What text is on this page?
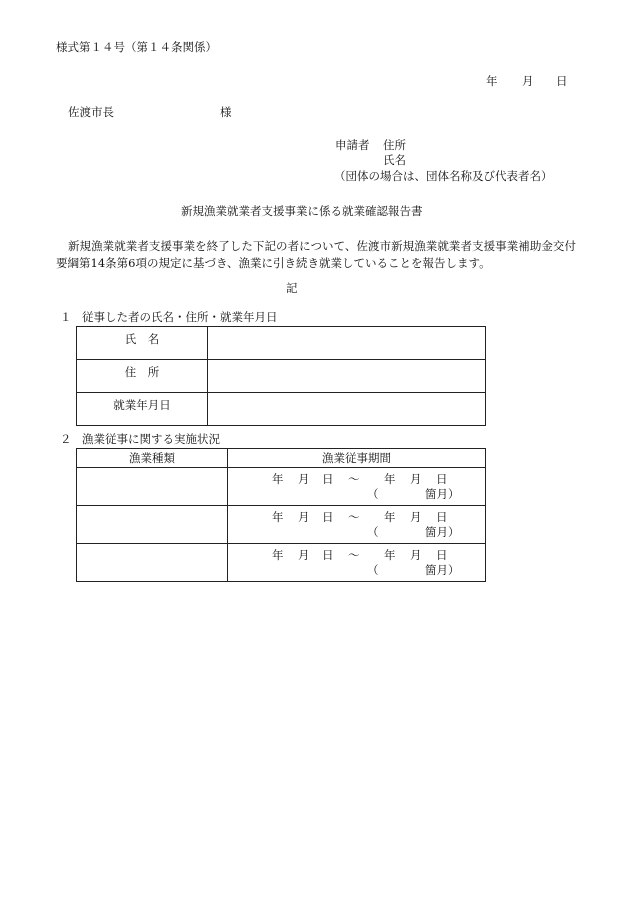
様式第１４号（第１４条関係）
年 月 日
佐渡市長	様
申請者 住所
氏名
（団体の場合は、団体名称及び代表者名）
新規漁業就業者支援事業に係る就業確認報告書
新規漁業就業者支援事業を終了した下記の者について、佐渡市新規漁業就業者支援事業補助金交付要綱第14条第6項の規定に基づき、漁業に引き続き就業していることを報告します。
記
１ 従事した者の氏名・住所・就業年月日
氏　名	
住　所	
就業年月日	
２ 漁業従事に関する実施状況
漁業種類	漁業従事期間

	年 月 日 ～ 年 月 日
（ 箇月）

	年 月 日 ～ 年 月 日
（ 箇月）

	年 月 日 ～ 年 月 日
（ 箇月）
